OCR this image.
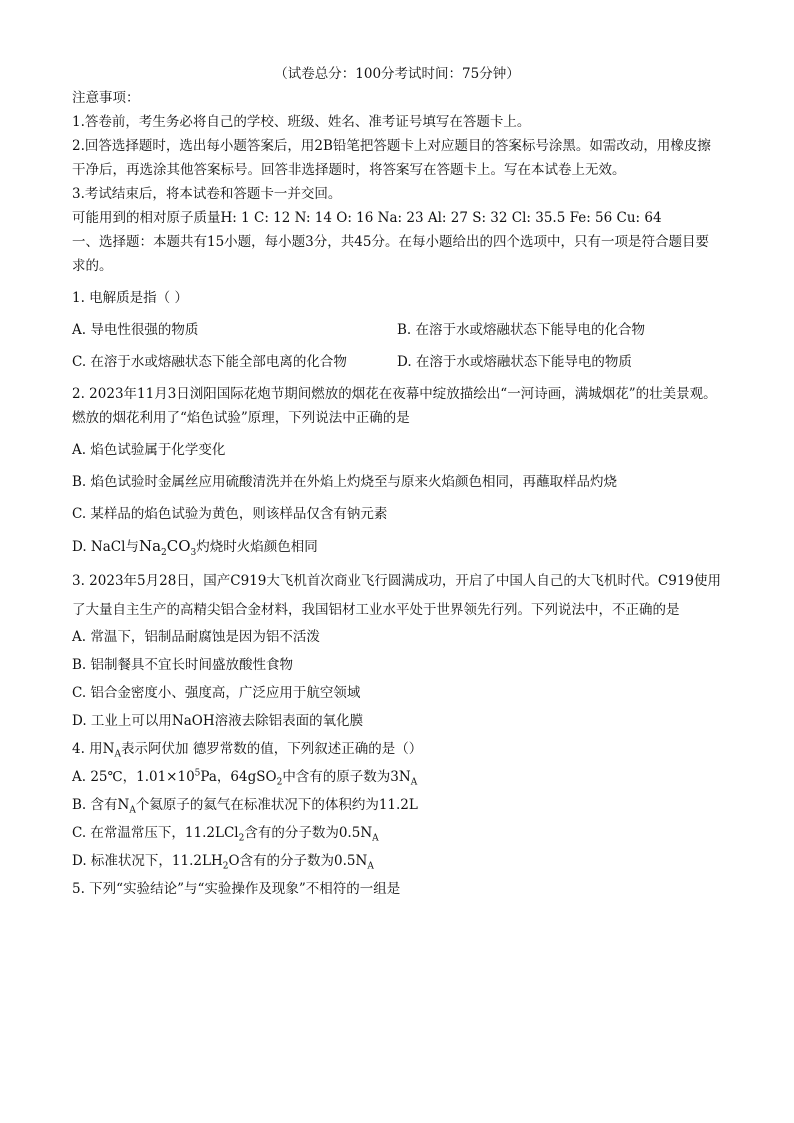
（试卷总分：100分考试时间：75分钟）
注意事项：
1.答卷前，考生务必将自己的学校、班级、姓名、准考证号填写在答题卡上。
2.回答选择题时，选出每小题答案后，用2B铅笔把答题卡上对应题目的答案标号涂黑。如需改动，用橡皮擦干净后，再选涂其他答案标号。回答非选择题时，将答案写在答题卡上。写在本试卷上无效。
3.考试结束后，将本试卷和答题卡一并交回。
可能用到的相对原子质量H: 1 C: 12 N: 14 O: 16 Na: 23 Al: 27 S: 32 Cl: 35.5 Fe: 56 Cu: 64
一、选择题：本题共有15小题，每小题3分，共45分。在每小题给出的四个选项中，只有一项是符合题目要求的。
1. 电解质是指（ ）
A. 导电性很强的物质	B. 在溶于水或熔融状态下能导电的化合物
C. 在溶于水或熔融状态下能全部电离的化合物	D. 在溶于水或熔融状态下能导电的物质
2. 2023年11月3日浏阳国际花炮节期间燃放的烟花在夜幕中绽放描绘出“一河诗画，满城烟花”的壮美景观。燃放的烟花利用了“焰色试验”原理，下列说法中正确的是
A. 焰色试验属于化学变化
B. 焰色试验时金属丝应用硫酸清洗并在外焰上灼烧至与原来火焰颜色相同，再蘸取样品灼烧
C. 某样品的焰色试验为黄色，则该样品仅含有钠元素
D. NaCl与$Na_2CO_3$灼烧时火焰颜色相同
3. 2023年5月28日，国产C919大飞机首次商业飞行圆满成功，开启了中国人自己的大飞机时代。C919使用了大量自主生产的高精尖铝合金材料，我国铝材工业水平处于世界领先行列。下列说法中，不正确的是
A. 常温下，铝制品耐腐蚀是因为铝不活泼
B. 铝制餐具不宜长时间盛放酸性食物
C. 铝合金密度小、强度高，广泛应用于航空领域
D. 工业上可以用NaOH溶液去除铝表面的氧化膜
4. 用$N_A$表示阿伏加 德罗常数的值，下列叙述正确的是（）
A. 25℃，$1.01\times 10^5Pa$，64gSO$_2$中含有的原子数为$3N_A$
B. 含有$N_A$个氦原子的氦气在标准状况下的体积约为11.2L
C. 在常温常压下，11.2LCl$_2$含有的分子数为$0.5N_A$
D. 标准状况下，$11.2LH_2O$含有的分子数为$0.5N_A$
5. 下列“实验结论”与“实验操作及现象”不相符的一组是
